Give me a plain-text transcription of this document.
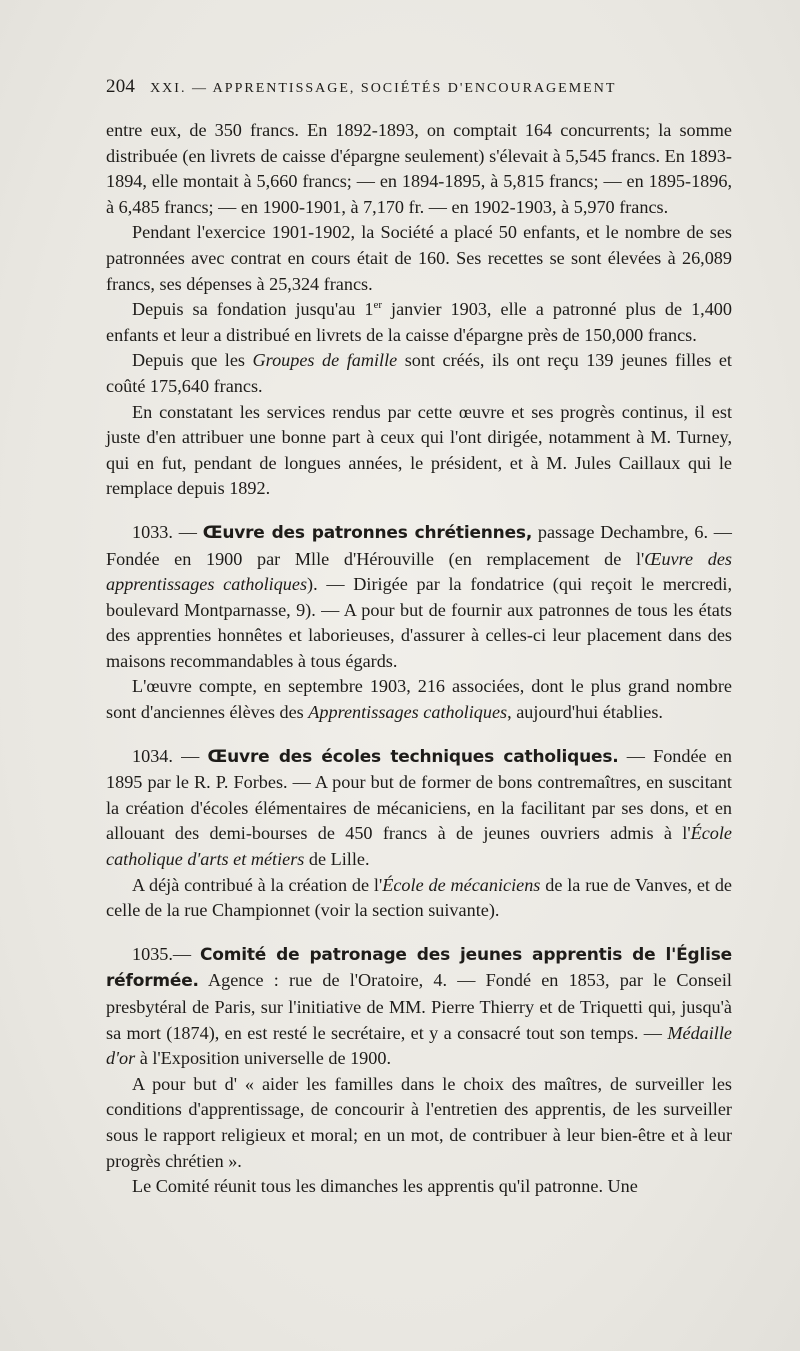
204 XXI. — APPRENTISSAGE, SOCIÉTÉS D'ENCOURAGEMENT

entre eux, de 350 francs. En 1892-1893, on comptait 164 concurrents; la somme distribuée (en livrets de caisse d'épargne seulement) s'élevait à 5,545 francs. En 1893-1894, elle montait à 5,660 francs; — en 1894-1895, à 5,815 francs; — en 1895-1896, à 6,485 francs; — en 1900-1901, à 7,170 fr. — en 1902-1903, à 5,970 francs.

Pendant l'exercice 1901-1902, la Société a placé 50 enfants, et le nombre de ses patronnées avec contrat en cours était de 160. Ses recettes se sont élevées à 26,089 francs, ses dépenses à 25,324 francs.

Depuis sa fondation jusqu'au 1er janvier 1903, elle a patronné plus de 1,400 enfants et leur a distribué en livrets de la caisse d'épargne près de 150,000 francs.

Depuis que les Groupes de famille sont créés, ils ont reçu 139 jeunes filles et coûté 175,640 francs.

En constatant les services rendus par cette œuvre et ses progrès continus, il est juste d'en attribuer une bonne part à ceux qui l'ont dirigée, notamment à M. Turney, qui en fut, pendant de longues années, le président, et à M. Jules Caillaux qui le remplace depuis 1892.

1033. — Œuvre des patronnes chrétiennes, passage Dechambre, 6. — Fondée en 1900 par Mlle d'Hérouville (en remplacement de l'Œuvre des apprentissages catholiques). — Dirigée par la fondatrice (qui reçoit le mercredi, boulevard Montparnasse, 9). — A pour but de fournir aux patronnes de tous les états des apprenties honnêtes et laborieuses, d'assurer à celles-ci leur placement dans des maisons recommandables à tous égards.

L'œuvre compte, en septembre 1903, 216 associées, dont le plus grand nombre sont d'anciennes élèves des Apprentissages catholiques, aujourd'hui établies.

1034. — Œuvre des écoles techniques catholiques. — Fondée en 1895 par le R. P. Forbes. — A pour but de former de bons contremaîtres, en suscitant la création d'écoles élémentaires de mécaniciens, en la facilitant par ses dons, et en allouant des demi-bourses de 450 francs à de jeunes ouvriers admis à l'École catholique d'arts et métiers de Lille.

A déjà contribué à la création de l'École de mécaniciens de la rue de Vanves, et de celle de la rue Championnet (voir la section suivante).

1035.— Comité de patronage des jeunes apprentis de l'Église réformée. Agence : rue de l'Oratoire, 4. — Fondé en 1853, par le Conseil presbytéral de Paris, sur l'initiative de MM. Pierre Thierry et de Triquetti qui, jusqu'à sa mort (1874), en est resté le secrétaire, et y a consacré tout son temps. — Médaille d'or à l'Exposition universelle de 1900.

A pour but d' « aider les familles dans le choix des maîtres, de surveiller les conditions d'apprentissage, de concourir à l'entretien des apprentis, de les surveiller sous le rapport religieux et moral; en un mot, de contribuer à leur bien-être et à leur progrès chrétien ».

Le Comité réunit tous les dimanches les apprentis qu'il patronne. Une
